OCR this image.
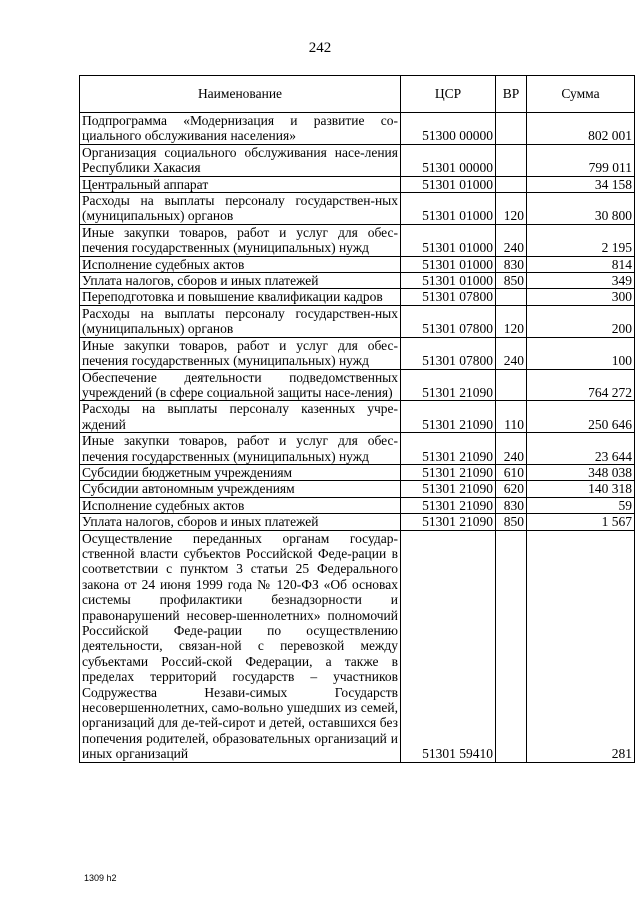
242
Наименование	ЦСР	ВР	Сумма
Подпрограмма «Модернизация и развитие со-циального обслуживания населения»	51300 00000		802 001
Организация социального обслуживания насе-ления Республики Хакасия	51301 00000		799 011
Центральный аппарат	51301 01000		34 158
Расходы на выплаты персоналу государствен-ных (муниципальных) органов	51301 01000	120	30 800
Иные закупки товаров, работ и услуг для обес-печения государственных (муниципальных) нужд	51301 01000	240	2 195
Исполнение судебных актов	51301 01000	830	814
Уплата налогов, сборов и иных платежей	51301 01000	850	349
Переподготовка и повышение квалификации кадров	51301 07800		300
Расходы на выплаты персоналу государствен-ных (муниципальных) органов	51301 07800	120	200
Иные закупки товаров, работ и услуг для обес-печения государственных (муниципальных) нужд	51301 07800	240	100
Обеспечение деятельности подведомственных учреждений (в сфере социальной защиты насе-ления)	51301 21090		764 272
Расходы на выплаты персоналу казенных учре-ждений	51301 21090	110	250 646
Иные закупки товаров, работ и услуг для обес-печения государственных (муниципальных) нужд	51301 21090	240	23 644
Субсидии бюджетным учреждениям	51301 21090	610	348 038
Субсидии автономным учреждениям	51301 21090	620	140 318
Исполнение судебных актов	51301 21090	830	59
Уплата налогов, сборов и иных платежей	51301 21090	850	1 567
Осуществление переданных органам государ-ственной власти субъектов Российской Феде-рации в соответствии с пунктом 3 статьи 25 Федерального закона от 24 июня 1999 года № 120-ФЗ «Об основах системы профилактики безнадзорности и правонарушений несовер-шеннолетних» полномочий Российской Феде-рации по осуществлению деятельности, связан-ной с перевозкой между субъектами Россий-ской Федерации, а также в пределах территорий государств – участников Содружества Незави-симых Государств несовершеннолетних, само-вольно ушедших из семей, организаций для де-тей-сирот и детей, оставшихся без попечения родителей, образовательных организаций и иных организаций	51301 59410		281
1309 h2
